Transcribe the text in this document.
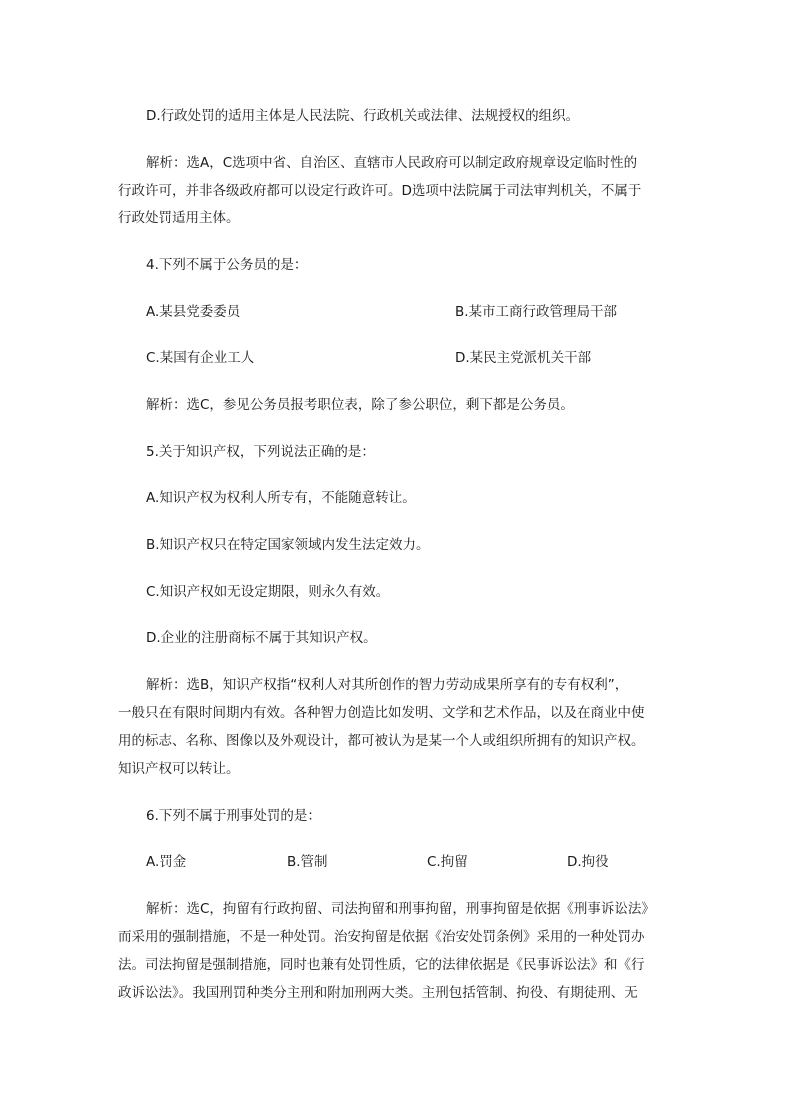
D.行政处罚的适用主体是人民法院、行政机关或法律、法规授权的组织。
解析：选A，C选项中省、自治区、直辖市人民政府可以制定政府规章设定临时性的
行政许可，并非各级政府都可以设定行政许可。D选项中法院属于司法审判机关，不属于
行政处罚适用主体。
4.下列不属于公务员的是：
A.某县党委委员	B.某市工商行政管理局干部
C.某国有企业工人	D.某民主党派机关干部
解析：选C，参见公务员报考职位表，除了参公职位，剩下都是公务员。
5.关于知识产权，下列说法正确的是：
A.知识产权为权利人所专有，不能随意转让。
B.知识产权只在特定国家领域内发生法定效力。
C.知识产权如无设定期限，则永久有效。
D.企业的注册商标不属于其知识产权。
解析：选B，知识产权指“权利人对其所创作的智力劳动成果所享有的专有权利”，
一般只在有限时间期内有效。各种智力创造比如发明、文学和艺术作品，以及在商业中使
用的标志、名称、图像以及外观设计，都可被认为是某一个人或组织所拥有的知识产权。
知识产权可以转让。
6.下列不属于刑事处罚的是：
A.罚金	B.管制	C.拘留	D.拘役
解析：选C，拘留有行政拘留、司法拘留和刑事拘留，刑事拘留是依据《刑事诉讼法》
而采用的强制措施，不是一种处罚。治安拘留是依据《治安处罚条例》采用的一种处罚办
法。司法拘留是强制措施，同时也兼有处罚性质，它的法律依据是《民事诉讼法》和《行
政诉讼法》。我国刑罚种类分主刑和附加刑两大类。主刑包括管制、拘役、有期徒刑、无
